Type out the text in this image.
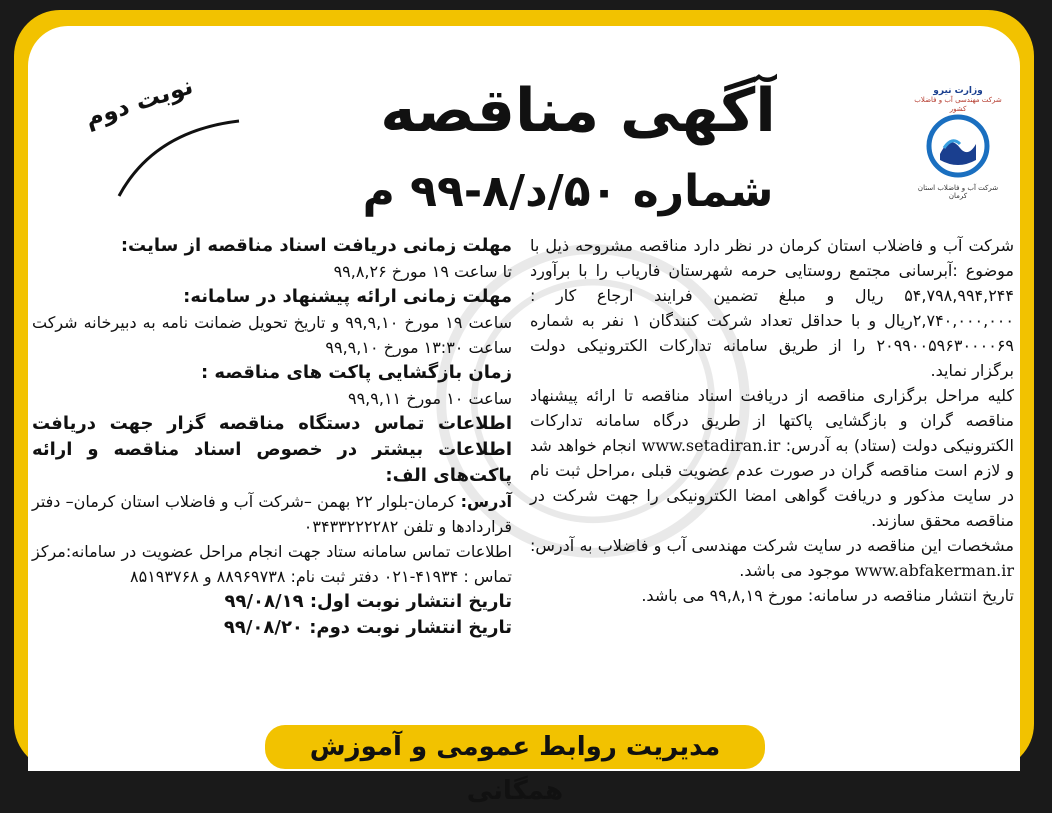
وزارت نیرو
شرکت مهندسی آب و فاضلاب کشور
شرکت آب و فاضلاب استان کرمان
آگهی مناقصه
شماره ۵۰/د/۸-۹۹ م
نوبت دوم

شرکت آب و فاضلاب استان کرمان در نظر دارد مناقصه مشروحه ذیل با موضوع :آبرسانی مجتمع روستایی حرمه شهرستان فاریاب را با برآورد ۵۴,۷۹۸,۹۹۴,۲۴۴ ریال و مبلغ تضمین فرایند ارجاع کار : ۲,۷۴۰,۰۰۰,۰۰۰ریال و با حداقل تعداد شرکت کنندگان ۱ نفر به شماره ۲۰۹۹۰۰۵۹۶۳۰۰۰۰۶۹ را از طریق سامانه تدارکات الکترونیکی دولت برگزار نماید.

کلیه مراحل برگزاری مناقصه از دریافت اسناد مناقصه تا ارائه پیشنهاد مناقصه گران و بازگشایی پاکتها از طریق درگاه سامانه تدارکات الکترونیکی دولت (ستاد) به آدرس: www.setadiran.ir انجام خواهد شد و لازم است مناقصه گران در صورت عدم عضویت قبلی ،مراحل ثبت نام در سایت مذکور و دریافت گواهی امضا الکترونیکی را جهت شرکت در مناقصه محقق سازند.

مشخصات این مناقصه در سایت شرکت مهندسی آب و فاضلاب به آدرس: www.abfakerman.ir موجود می باشد.

تاریخ انتشار مناقصه در سامانه: مورخ ۹۹,۸,۱۹ می باشد.

مهلت زمانی دریافت اسناد مناقصه از سایت:

تا ساعت ۱۹ مورخ ۹۹,۸,۲۶

مهلت زمانی ارائه پیشنهاد در سامانه:

ساعت ۱۹ مورخ ۹۹,۹,۱۰ و تاریخ تحویل ضمانت نامه به دبیرخانه شرکت ساعت ۱۳:۳۰ مورخ ۹۹,۹,۱۰

زمان بازگشایی پاکت های مناقصه :

ساعت ۱۰ مورخ ۹۹,۹,۱۱

اطلاعات تماس دستگاه مناقصه گزار جهت دریافت اطلاعات بیشتر در خصوص اسناد مناقصه و ارائه پاکت‌های الف:

آدرس: کرمان-بلوار ۲۲ بهمن –شرکت آب و فاضلاب استان کرمان– دفتر قراردادها و تلفن ۰۳۴۳۳۲۲۲۲۸۲

اطلاعات تماس سامانه ستاد جهت انجام مراحل عضویت در سامانه:مرکز تماس : ۴۱۹۳۴-۰۲۱ دفتر ثبت نام: ۸۸۹۶۹۷۳۸ و ۸۵۱۹۳۷۶۸

تاریخ انتشار نوبت اول: ۹۹/۰۸/۱۹

تاریخ انتشار نوبت دوم: ۹۹/۰۸/۲۰

مدیریت روابط عمومی و آموزش همگانی
